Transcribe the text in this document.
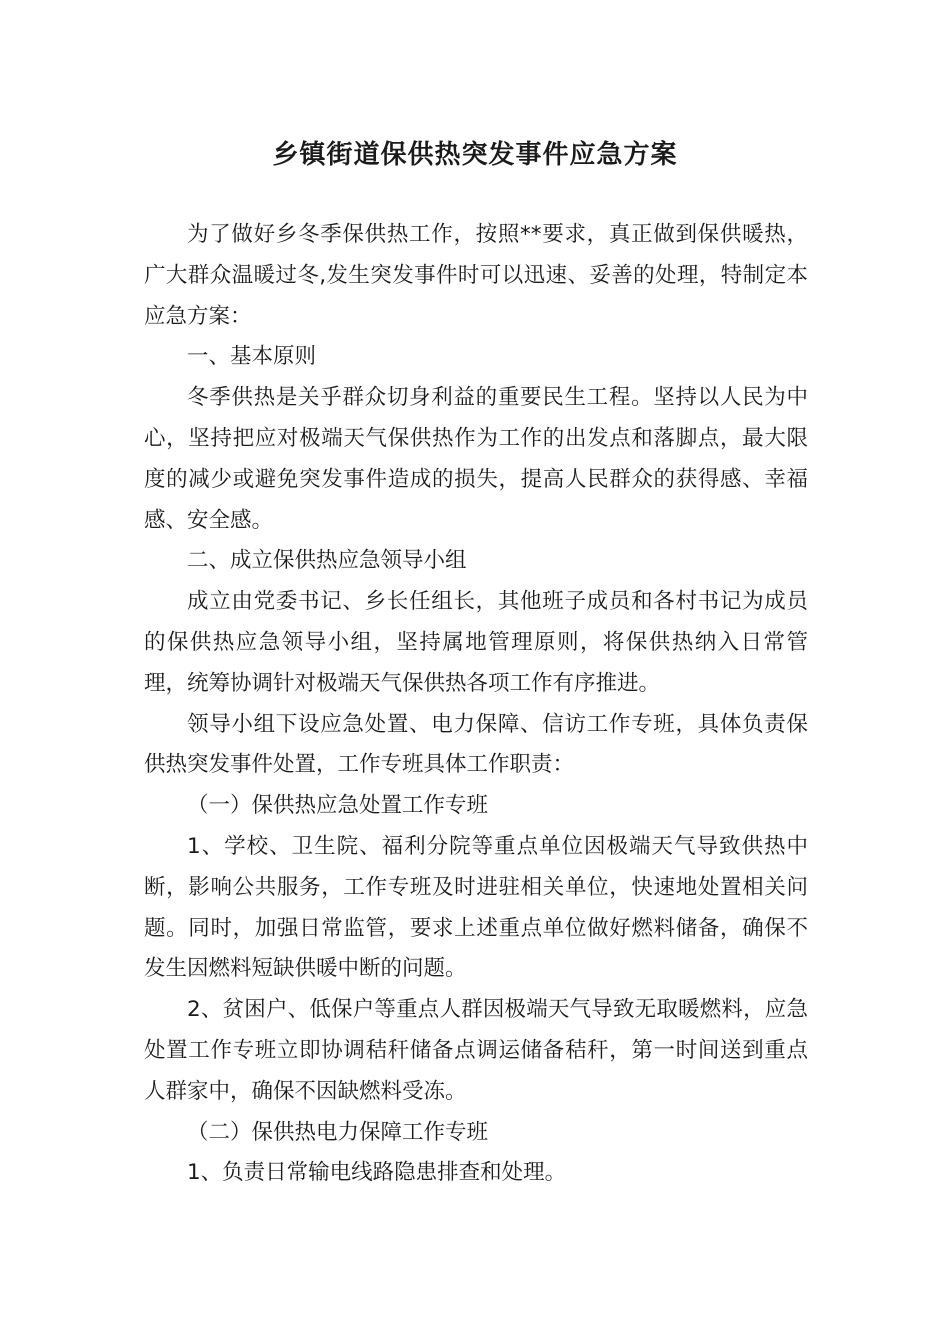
乡镇街道保供热突发事件应急方案

为了做好乡冬季保供热工作，按照**要求，真正做到保供暖热，广大群众温暖过冬,发生突发事件时可以迅速、妥善的处理，特制定本应急方案：

一、基本原则

冬季供热是关乎群众切身利益的重要民生工程。坚持以人民为中心，坚持把应对极端天气保供热作为工作的出发点和落脚点，最大限度的减少或避免突发事件造成的损失，提高人民群众的获得感、幸福感、安全感。

二、成立保供热应急领导小组

成立由党委书记、乡长任组长，其他班子成员和各村书记为成员的保供热应急领导小组，坚持属地管理原则，将保供热纳入日常管理，统筹协调针对极端天气保供热各项工作有序推进。

领导小组下设应急处置、电力保障、信访工作专班，具体负责保供热突发事件处置，工作专班具体工作职责：

（一）保供热应急处置工作专班

1、学校、卫生院、福利分院等重点单位因极端天气导致供热中断，影响公共服务，工作专班及时进驻相关单位，快速地处置相关问题。同时，加强日常监管，要求上述重点单位做好燃料储备，确保不发生因燃料短缺供暖中断的问题。

2、贫困户、低保户等重点人群因极端天气导致无取暖燃料，应急处置工作专班立即协调秸秆储备点调运储备秸秆，第一时间送到重点人群家中，确保不因缺燃料受冻。

（二）保供热电力保障工作专班

1、负责日常输电线路隐患排查和处理。
